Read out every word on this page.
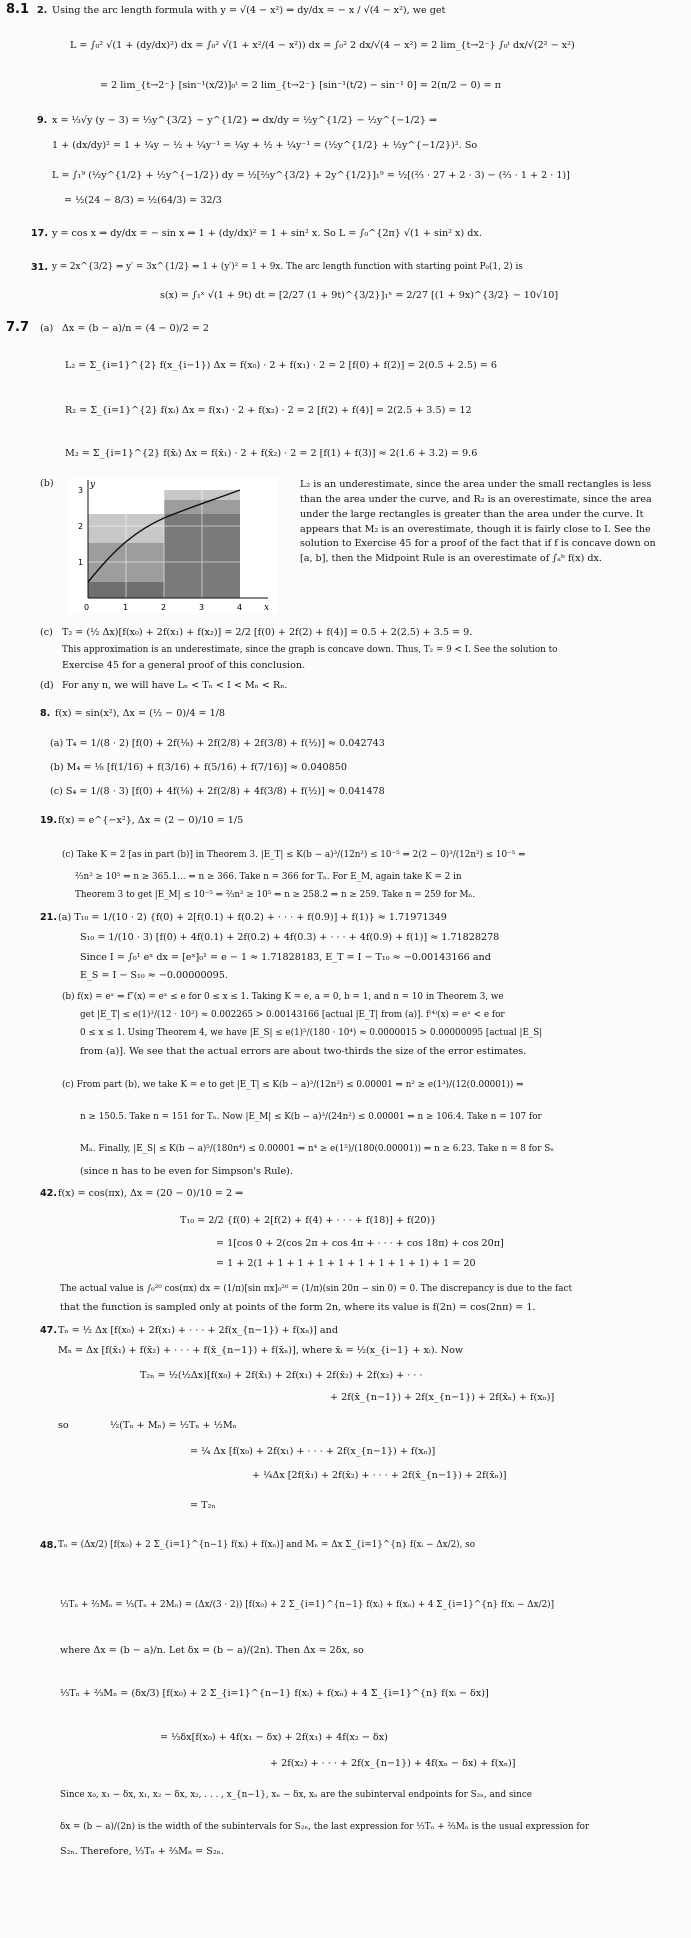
8.1 2. Using the arc length formula with y = √(4 − x²) ⇒ dy/dx = − x / √(4 − x²), we get
L = ∫₀² √(1 + (dy/dx)²) dx = ∫₀² √(1 + x²/(4 − x²)) dx = ∫₀² 2 dx/√(4 − x²) = 2 lim_{t→2⁻} ∫₀ᵗ dx/√(2² − x²)
= 2 lim_{t→2⁻} [sin⁻¹(x/2)]₀ᵗ = 2 lim_{t→2⁻} [sin⁻¹(t/2) − sin⁻¹ 0] = 2(π/2 − 0) = π
9. x = ⅓√y (y − 3) = ⅓y^{3/2} − y^{1/2} ⇒ dx/dy = ½y^{1/2} − ½y^{−1/2} ⇒
1 + (dx/dy)² = 1 + ¼y − ½ + ¼y⁻¹ = ¼y + ½ + ¼y⁻¹ = (½y^{1/2} + ½y^{−1/2})². So
L = ∫₁⁹ (½y^{1/2} + ½y^{−1/2}) dy = ½[⅔y^{3/2} + 2y^{1/2}]₁⁹ = ½[(⅔ · 27 + 2 · 3) − (⅔ · 1 + 2 · 1)]
= ½(24 − 8/3) = ½(64/3) = 32/3
17. y = cos x ⇒ dy/dx = − sin x ⇒ 1 + (dy/dx)² = 1 + sin² x. So L = ∫₀^{2π} √(1 + sin² x) dx.
31. y = 2x^{3/2} ⇒ y′ = 3x^{1/2} ⇒ 1 + (y′)² = 1 + 9x. The arc length function with starting point P₀(1, 2) is
s(x) = ∫₁ˣ √(1 + 9t) dt = [2/27 (1 + 9t)^{3/2}]₁ˣ = 2/27 [(1 + 9x)^{3/2} − 10√10]
7.7 (a) Δx = (b − a)/n = (4 − 0)/2 = 2
L₂ = Σ_{i=1}^{2} f(x_{i−1}) Δx = f(x₀) · 2 + f(x₁) · 2 = 2 [f(0) + f(2)] = 2(0.5 + 2.5) = 6
R₂ = Σ_{i=1}^{2} f(xᵢ) Δx = f(x₁) · 2 + f(x₂) · 2 = 2 [f(2) + f(4)] = 2(2.5 + 3.5) = 12
M₂ = Σ_{i=1}^{2} f(x̄ᵢ) Δx = f(x̄₁) · 2 + f(x̄₂) · 2 = 2 [f(1) + f(3)] ≈ 2(1.6 + 3.2) = 9.6
(b)	y
x
0	1	2	3	4
1
2
3
L₂ is an underestimate, since the area under the small rectangles is less than the area under the curve, and R₂ is an overestimate, since the area under the large rectangles is greater than the area under the curve. It appears that M₂ is an overestimate, though it is fairly close to I. See the solution to Exercise 45 for a proof of the fact that if f is concave down on [a, b], then the Midpoint Rule is an overestimate of ∫ₐᵇ f(x) dx.
(c) T₂ = (½ Δx)[f(x₀) + 2f(x₁) + f(x₂)] = 2/2 [f(0) + 2f(2) + f(4)] = 0.5 + 2(2.5) + 3.5 = 9.
This approximation is an underestimate, since the graph is concave down. Thus, T₂ = 9 < I. See the solution to
Exercise 45 for a general proof of this conclusion.
(d) For any n, we will have Lₙ < Tₙ < I < Mₙ < Rₙ.
8. f(x) = sin(x²), Δx = (½ − 0)/4 = 1/8
(a) T₄ = 1/(8 · 2) [f(0) + 2f(⅛) + 2f(2/8) + 2f(3/8) + f(½)] ≈ 0.042743
(b) M₄ = ⅛ [f(1/16) + f(3/16) + f(5/16) + f(7/16)] ≈ 0.040850
(c) S₄ = 1/(8 · 3) [f(0) + 4f(⅛) + 2f(2/8) + 4f(3/8) + f(½)] ≈ 0.041478
19. f(x) = e^{−x²}, Δx = (2 − 0)/10 = 1/5
(c) Take K = 2 [as in part (b)] in Theorem 3. |E_T| ≤ K(b − a)³/(12n²) ≤ 10⁻⁵ ⇔ 2(2 − 0)³/(12n²) ≤ 10⁻⁵ ⇔
⅔n² ≥ 10⁵ ⇔ n ≥ 365.1... ⇔ n ≥ 366. Take n = 366 for Tₙ. For E_M, again take K = 2 in
Theorem 3 to get |E_M| ≤ 10⁻⁵ ⇔ ⅔n² ≥ 10⁵ ⇔ n ≥ 258.2 ⇒ n ≥ 259. Take n = 259 for Mₙ.
21. (a) T₁₀ = 1/(10 · 2) {f(0) + 2[f(0.1) + f(0.2) + · · · + f(0.9)] + f(1)} ≈ 1.71971349
S₁₀ = 1/(10 · 3) [f(0) + 4f(0.1) + 2f(0.2) + 4f(0.3) + · · · + 4f(0.9) + f(1)] ≈ 1.71828278
Since I = ∫₀¹ eˣ dx = [eˣ]₀¹ = e − 1 ≈ 1.71828183, E_T = I − T₁₀ ≈ −0.00143166 and
E_S = I − S₁₀ ≈ −0.00000095.
(b) f(x) = eˣ ⇒ f″(x) = eˣ ≤ e for 0 ≤ x ≤ 1. Taking K = e, a = 0, b = 1, and n = 10 in Theorem 3, we
get |E_T| ≤ e(1)³/(12 · 10²) ≈ 0.002265 > 0.00143166 [actual |E_T| from (a)]. f⁽⁴⁾(x) = eˣ < e for
0 ≤ x ≤ 1. Using Theorem 4, we have |E_S| ≤ e(1)⁵/(180 · 10⁴) ≈ 0.0000015 > 0.00000095 [actual |E_S|
from (a)]. We see that the actual errors are about two-thirds the size of the error estimates.
(c) From part (b), we take K = e to get |E_T| ≤ K(b − a)³/(12n²) ≤ 0.00001 ⇒ n² ≥ e(1³)/(12(0.00001)) ⇒
n ≥ 150.5. Take n = 151 for Tₙ. Now |E_M| ≤ K(b − a)³/(24n²) ≤ 0.00001 ⇒ n ≥ 106.4. Take n = 107 for
Mₙ. Finally, |E_S| ≤ K(b − a)⁵/(180n⁴) ≤ 0.00001 ⇒ n⁴ ≥ e(1⁵)/(180(0.00001)) ⇒ n ≥ 6.23. Take n = 8 for Sₙ
(since n has to be even for Simpson's Rule).
42. f(x) = cos(πx), Δx = (20 − 0)/10 = 2 ⇒
T₁₀ = 2/2 {f(0) + 2[f(2) + f(4) + · · · + f(18)] + f(20)}
= 1[cos 0 + 2(cos 2π + cos 4π + · · · + cos 18π) + cos 20π]
= 1 + 2(1 + 1 + 1 + 1 + 1 + 1 + 1 + 1 + 1) + 1 = 20
The actual value is ∫₀²⁰ cos(πx) dx = (1/π)[sin πx]₀²⁰ = (1/π)(sin 20π − sin 0) = 0. The discrepancy is due to the fact
that the function is sampled only at points of the form 2n, where its value is f(2n) = cos(2nπ) = 1.
47. Tₙ = ½ Δx [f(x₀) + 2f(x₁) + · · · + 2f(x_{n−1}) + f(xₙ)] and
Mₙ = Δx [f(x̄₁) + f(x̄₂) + · · · + f(x̄_{n−1}) + f(x̄ₙ)], where x̄ᵢ = ½(x_{i−1} + xᵢ). Now
T₂ₙ = ½(½Δx)[f(x₀) + 2f(x̄₁) + 2f(x₁) + 2f(x̄₂) + 2f(x₂) + · · ·
+ 2f(x̄_{n−1}) + 2f(x_{n−1}) + 2f(x̄ₙ) + f(xₙ)]
so	½(Tₙ + Mₙ) = ½Tₙ + ½Mₙ
= ¼ Δx [f(x₀) + 2f(x₁) + · · · + 2f(x_{n−1}) + f(xₙ)]
+ ¼Δx [2f(x̄₁) + 2f(x̄₂) + · · · + 2f(x̄_{n−1}) + 2f(x̄ₙ)]
= T₂ₙ
48. Tₙ = (Δx/2) [f(x₀) + 2 Σ_{i=1}^{n−1} f(xᵢ) + f(xₙ)] and Mₙ = Δx Σ_{i=1}^{n} f(xᵢ − Δx/2), so
⅓Tₙ + ⅔Mₙ = ⅓(Tₙ + 2Mₙ) = (Δx/(3 · 2)) [f(x₀) + 2 Σ_{i=1}^{n−1} f(xᵢ) + f(xₙ) + 4 Σ_{i=1}^{n} f(xᵢ − Δx/2)]
where Δx = (b − a)/n. Let δx = (b − a)/(2n). Then Δx = 2δx, so
⅓Tₙ + ⅔Mₙ = (δx/3) [f(x₀) + 2 Σ_{i=1}^{n−1} f(xᵢ) + f(xₙ) + 4 Σ_{i=1}^{n} f(xᵢ − δx)]
= ⅓δx[f(x₀) + 4f(x₁ − δx) + 2f(x₁) + 4f(x₂ − δx)
+ 2f(x₂) + · · · + 2f(x_{n−1}) + 4f(xₙ − δx) + f(xₙ)]
Since x₀, x₁ − δx, x₁, x₂ − δx, x₂, . . . , x_{n−1}, xₙ − δx, xₙ are the subinterval endpoints for S₂ₙ, and since
δx = (b − a)/(2n) is the width of the subintervals for S₂ₙ, the last expression for ⅓Tₙ + ⅔Mₙ is the usual expression for
S₂ₙ. Therefore, ⅓Tₙ + ⅔Mₙ = S₂ₙ.
